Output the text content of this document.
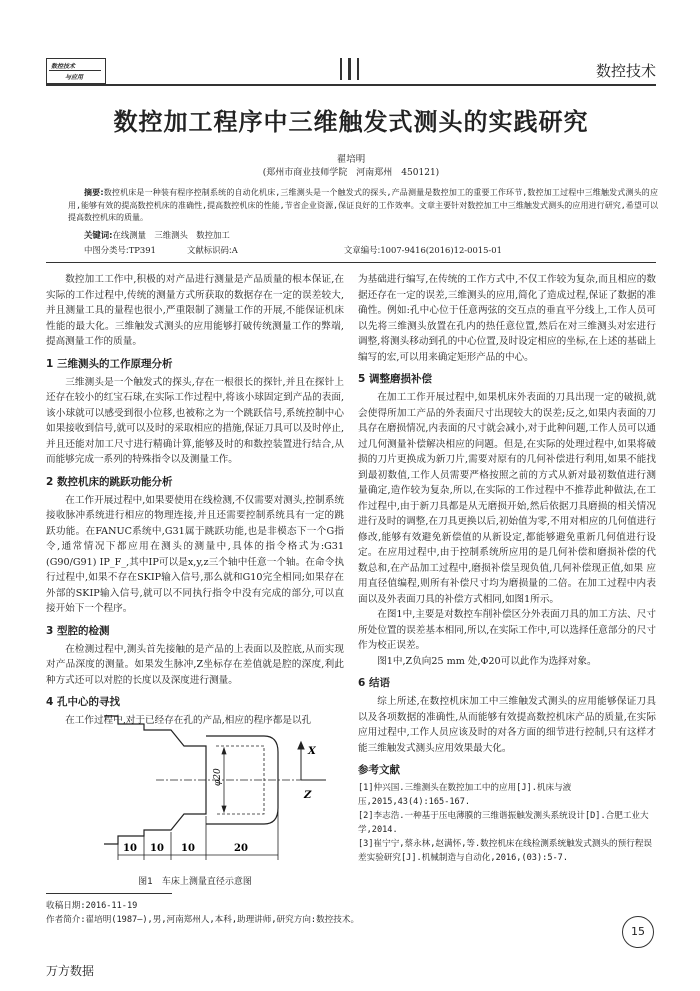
数控技术
与应用	数控技术
数控加工程序中三维触发式测头的实践研究
翟培明
(郑州市商业技师学院　河南郑州　450121)
摘要:数控机床是一种装有程序控制系统的自动化机床,三维测头是一个触发式的探头,产品测量是数控加工的重要工作环节,数控加工过程中三维触发式测头的应用,能够有效的提高数控机床的准确性,提高数控机床的性能,节省企业资源,保证良好的工作效率。文章主要针对数控加工中三维触发式测头的应用进行研究,希望可以提高数控机床的质量。
关键词:在线测量　三维测头　数控加工
中图分类号:TP391	文献标识码:A	文章编号:1007-9416(2016)12-0015-01

数控加工工作中,积极的对产品进行测量是产品质量的根本保证,在实际的工作过程中,传统的测量方式所获取的数据存在一定的误差较大,并且测量工具的量程也很小,严重限制了测量工作的开展,不能保证机床性能的最大化。三维触发式测头的应用能够打破传统测量工作的弊端,提高测量工作的质量。

1 三维测头的工作原理分析

三维测头是一个触发式的探头,存在一根很长的探针,并且在探针上还存在较小的红宝石球,在实际工作过程中,将该小球固定到产品的表面,该小球就可以感受到很小位移,也被称之为一个跳跃信号,系统控制中心如果接收到信号,就可以及时的采取相应的措施,保证刀具可以及时停止,并且还能对加工尺寸进行精确计算,能够及时的和数控装置进行结合,从而能够完成一系列的特殊指令以及测量工作。

2 数控机床的跳跃功能分析

在工作开展过程中,如果要使用在线检测,不仅需要对测头,控制系统接收脉冲系统进行相应的物理连接,并且还需要控制系统具有一定的跳跃功能。在FANUC系统中,G31属于跳跃功能,也是非模态下一个G指令,通常情况下都应用在测头的测量中,具体的指令格式为:G31 (G90/G91) IP_F_,其中IP可以是x,y,z三个轴中任意一个轴。在命令执行过程中,如果不存在SKIP输入信号,那么就和G10完全相同;如果存在外部的SKIP输入信号,就可以不同执行指令中没有完成的部分,可以直接开始下一个程序。

3 型腔的检测

在检测过程中,测头首先接触的是产品的上表面以及腔底,从而实现对产品深度的测量。如果发生脉冲,Z坐标存在差值就是腔的深度,利此种方式还可以对腔的长度以及深度进行测量。

4 孔中心的寻找

在工作过程中,对于已经存在孔的产品,相应的程序都是以孔

φ20
X
Z
10 10 10	20
图1　车床上测量直径示意图

为基础进行编写,在传统的工作方式中,不仅工作较为复杂,而且相应的数据还存在一定的误差,三维测头的应用,简化了造成过程,保证了数据的准确性。例如:孔中心位于任意两弦的交互点的垂直平分线上,工作人员可以先将三维测头放置在孔内的热任意位置,然后在对三维测头对宏进行调整,将测头移动到孔的中心位置,及时设定相应的坐标,在上述的基础上编写的宏,可以用来确定矩形产品的中心。

5 调整磨损补偿

在加工工作开展过程中,如果机床外表面的刀具出现一定的破损,就会使得所加工产品的外表面尺寸出现较大的误差;反之,如果内表面的刀具存在磨损情况,内表面的尺寸就会减小,对于此种问题,工作人员可以通过几何测量补偿解决相应的问题。但是,在实际的处理过程中,如果将破损的刀片更换成为新刀片,需要对原有的几何补偿进行利用,如果不能找到最初数值,工作人员需要严格按照之前的方式从新对最初数值进行测量确定,造作较为复杂,所以,在实际的工作过程中不推荐此种做法,在工作过程中,由于新刀具都是从无磨损开始,然后依据刀具磨损的相关情况进行及时的调整,在刀具更换以后,初始值为零,不用对相应的几何值进行修改,能够有效避免新偿值的从新设定,都能够避免重新几何值进行设定。在应用过程中,由于控制系统所应用的是几何补偿和磨损补偿的代数总和,在产品加工过程中,磨损补偿呈现负值,几何补偿现正值,如果 应用直径值编程,则所有补偿尺寸均为磨损量的二倍。在加工过程中内表面以及外表面刀具的补偿方式相同,如图1所示。

在图1中,主要是对数控车削补偿区分外表面刀具的加工方法、尺寸所处位置的误差基本相同,所以,在实际工作中,可以选择任意部分的尺寸作为校正误差。

图1中,Z负向25 mm 处,Φ20可以此作为选择对象。

6 结语

综上所述,在数控机床加工中三维触发式测头的应用能够保证刀具以及各项数据的准确性,从而能够有效提高数控机床产品的质量,在实际应用过程中,工作人员应该及时的对各方面的细节进行控制,只有这样才能三维触发式测头应用效果最大化。

参考文献

[1]仲兴国.三维测头在数控加工中的应用[J].机床与液压,2015,43(4):165-167.

[2]李志浩.一种基于压电薄膜的三维谐振触发测头系统设计[D].合肥工业大学,2014.

[3]崔宁宁,蔡永林,赵满怀,等.数控机床在线检测系统触发式测头的预行程误差实验研究[J].机械制造与自动化,2016,(03):5-7.

收稿日期:2016-11-19
作者简介:翟培明(1987—),男,河南郑州人,本科,助理讲师,研究方向:数控技术。
15
万方数据
